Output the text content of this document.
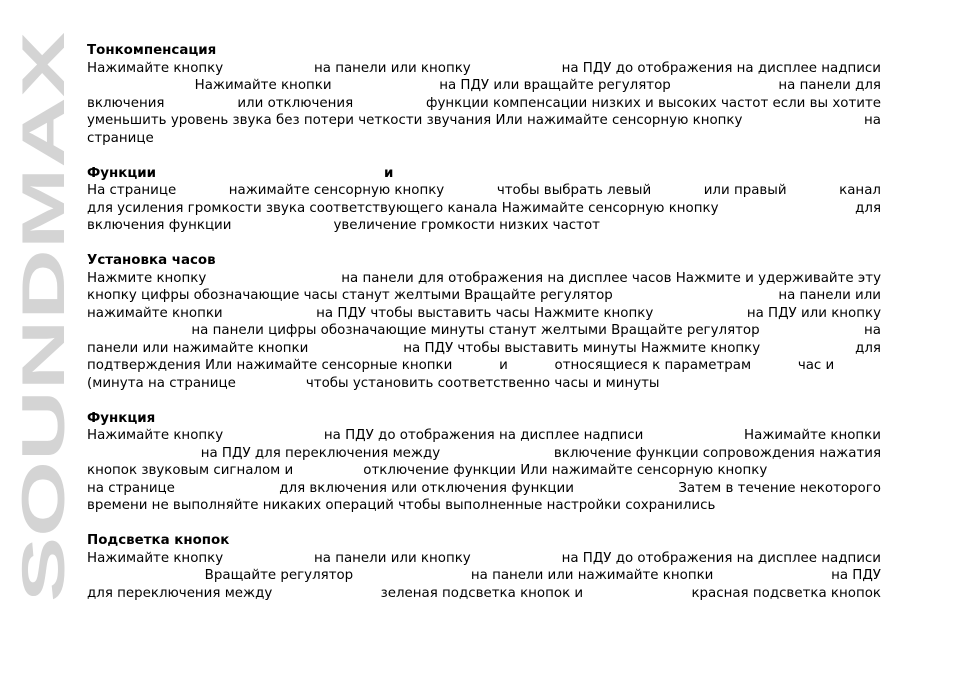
SOUNDMAX
Тонкомпенсация
Нажимайте кнопку	на панели или кнопку	на ПДУ до отображения на дисплее надписи
Нажимайте кнопки	на ПДУ или вращайте регулятор	на панели для
включения	или отключения	функции компенсации низких и высоких частот если вы хотите
уменьшить уровень звука без потери четкости звучания Или нажимайте сенсорную кнопку	на
странице
Функции	и
На странице	нажимайте сенсорную кнопку	чтобы выбрать левый	или правый	канал
для усиления громкости звука соответствующего канала Нажимайте сенсорную кнопку	для
включения функции	увеличение громкости низких частот
Установка часов
Нажмите кнопку	на панели для отображения на дисплее часов Нажмите и удерживайте эту
кнопку цифры обозначающие часы станут желтыми Вращайте регулятор	на панели или
нажимайте кнопки	на ПДУ чтобы выставить часы Нажмите кнопку	на ПДУ или кнопку
на панели цифры обозначающие минуты станут желтыми Вращайте регулятор	на
панели или нажимайте кнопки	на ПДУ чтобы выставить минуты Нажмите кнопку	для
подтверждения Или нажимайте сенсорные кнопки	и	относящиеся к параметрам	час и
(минута на странице	чтобы установить соответственно часы и минуты
Функция
Нажимайте кнопку	на ПДУ до отображения на дисплее надписи	Нажимайте кнопки
на ПДУ для переключения между	включение функции сопровождения нажатия
кнопок звуковым сигналом и	отключение функции Или нажимайте сенсорную кнопку
на странице	для включения или отключения функции	Затем в течение некоторого
времени не выполняйте никаких операций чтобы выполненные настройки сохранились
Подсветка кнопок
Нажимайте кнопку	на панели или кнопку	на ПДУ до отображения на дисплее надписи
Вращайте регулятор	на панели или нажимайте кнопки	на ПДУ
для переключения между	зеленая подсветка кнопок и	красная подсветка кнопок
